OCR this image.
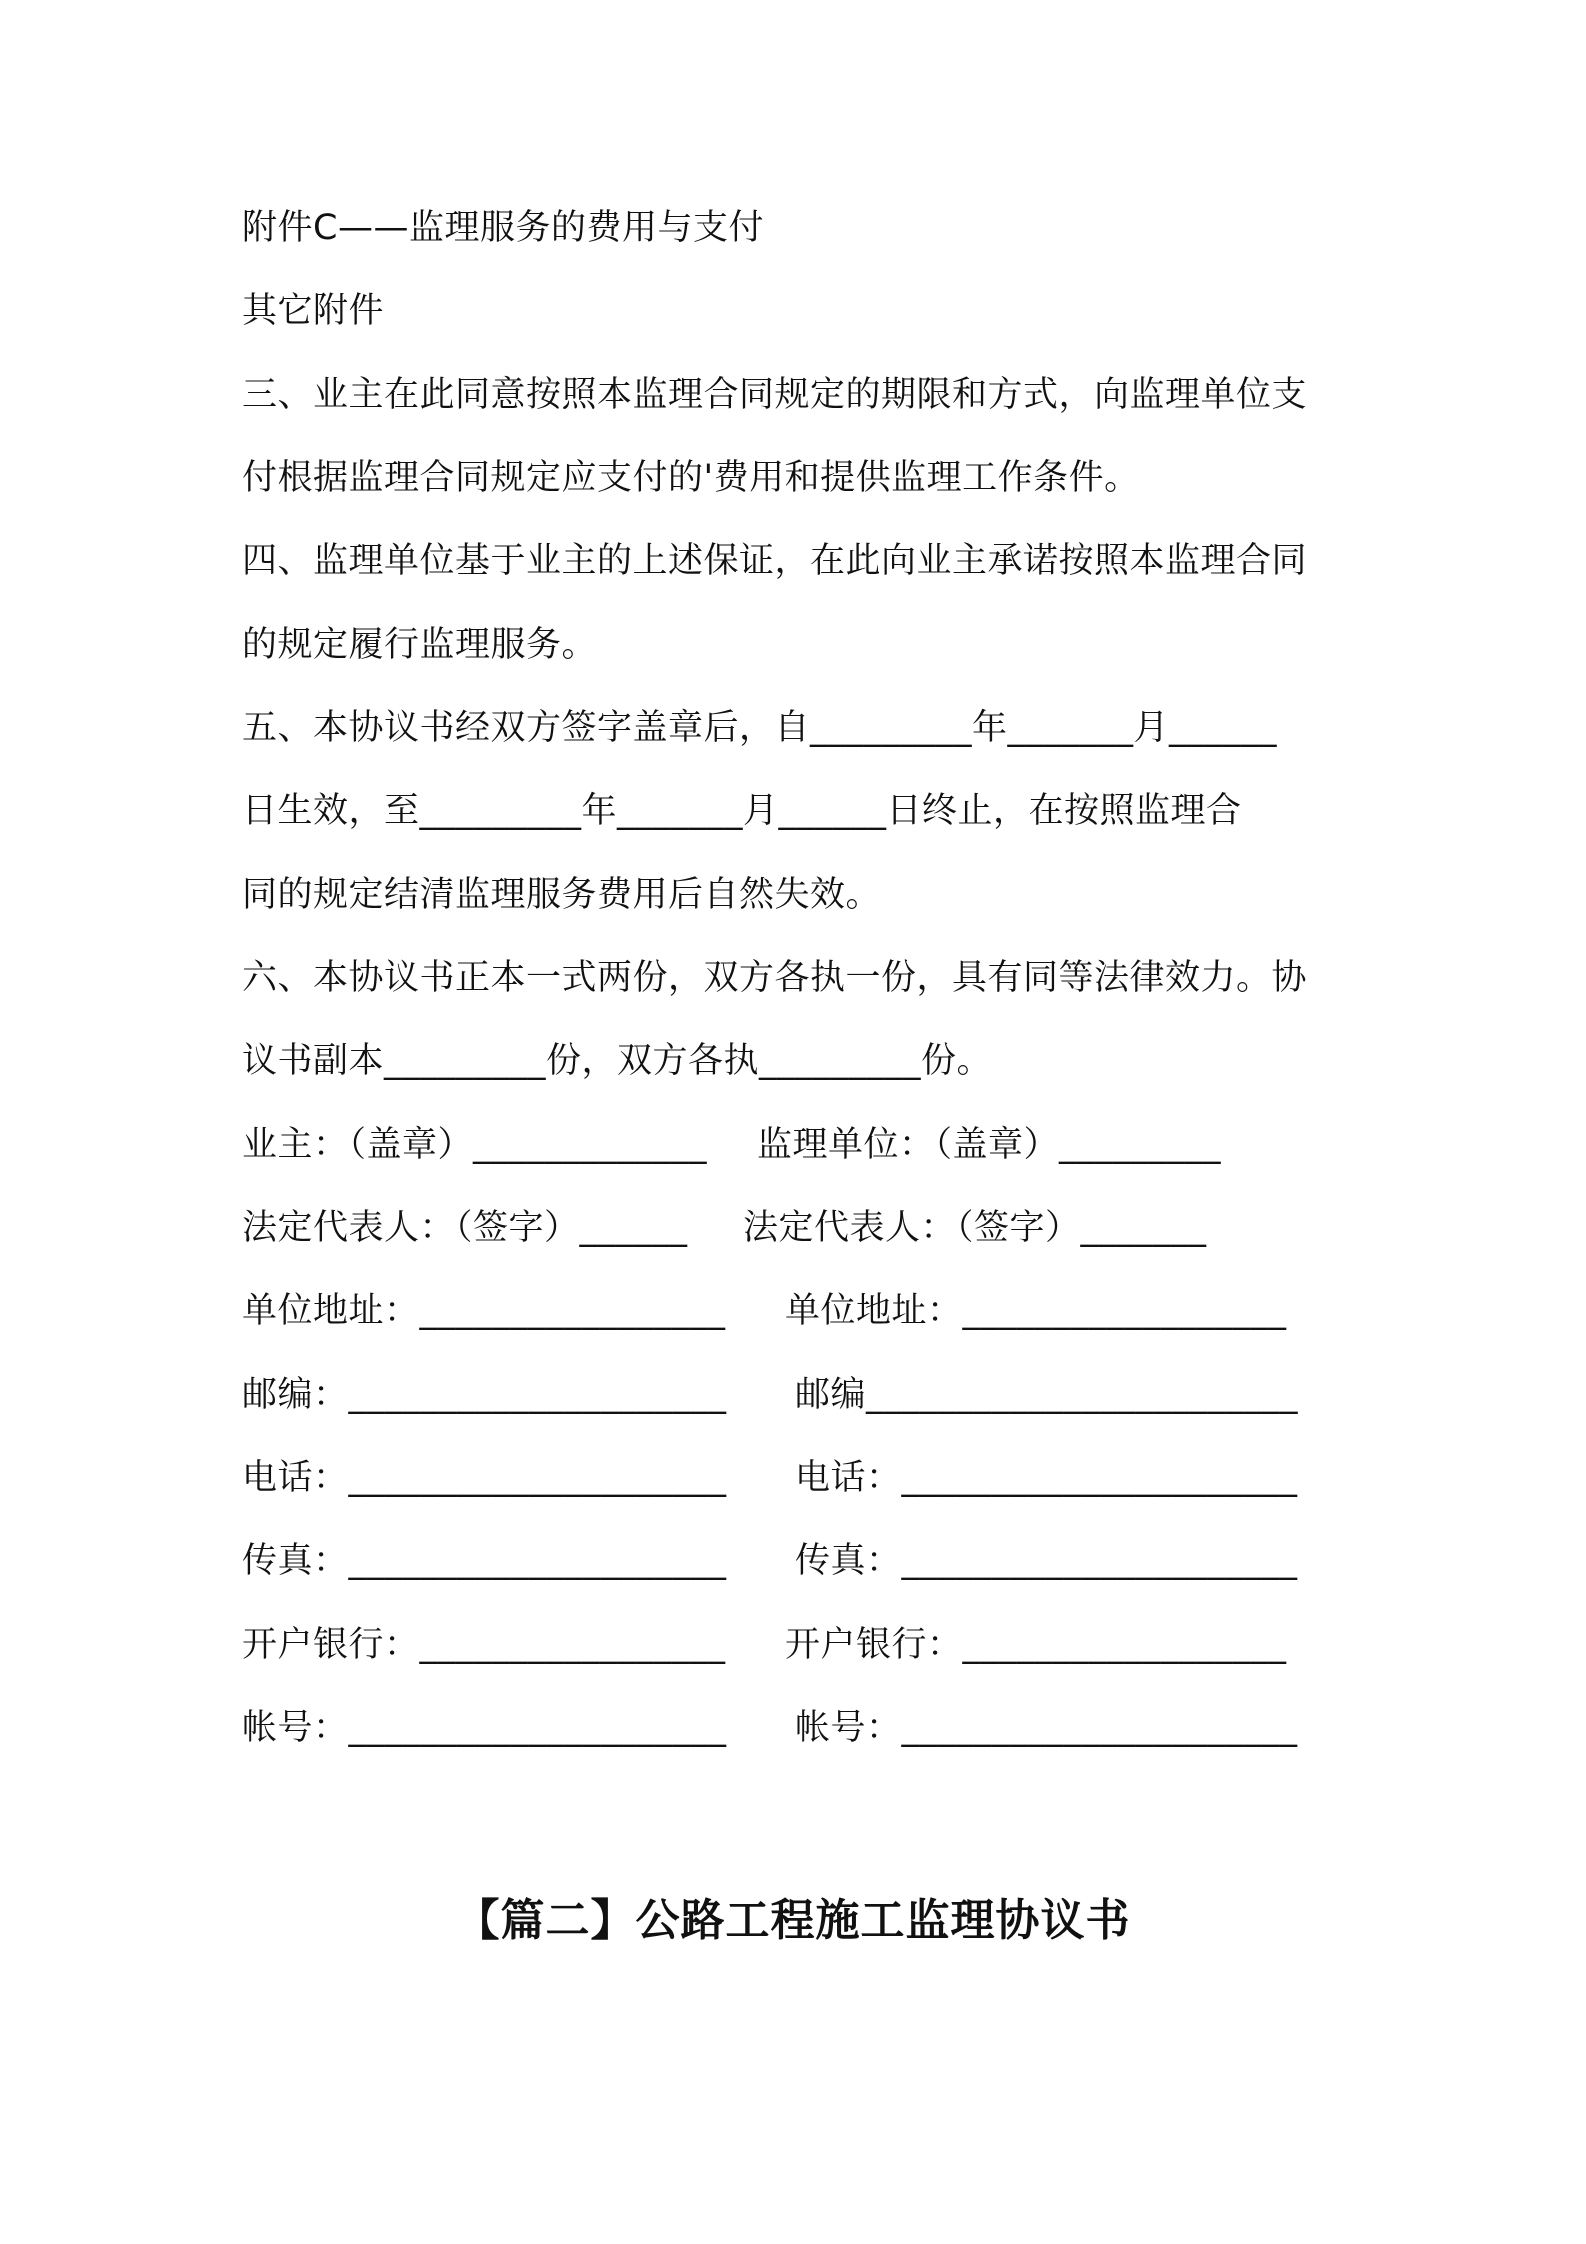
附件C——监理服务的费用与支付
其它附件
三、业主在此同意按照本监理合同规定的期限和方式，向监理单位支
付根据监理合同规定应支付的'费用和提供监理工作条件。
四、监理单位基于业主的上述保证，在此向业主承诺按照本监理合同
的规定履行监理服务。
五、本协议书经双方签字盖章后，自_________年_______月______
日生效，至_________年_______月______日终止，在按照监理合
同的规定结清监理服务费用后自然失效。
六、本协议书正本一式两份，双方各执一份，具有同等法律效力。协
议书副本_________份，双方各执_________份。
业主：（盖章）_____________ 监理单位：（盖章）_________
法定代表人：（签字）______ 法定代表人：（签字）_______
单位地址：_________________ 单位地址：__________________
邮编：_____________________ 邮编________________________
电话：_____________________ 电话：______________________
传真：_____________________ 传真：______________________
开户银行：_________________ 开户银行：__________________
帐号：_____________________ 帐号：______________________
【篇二】公路工程施工监理协议书
